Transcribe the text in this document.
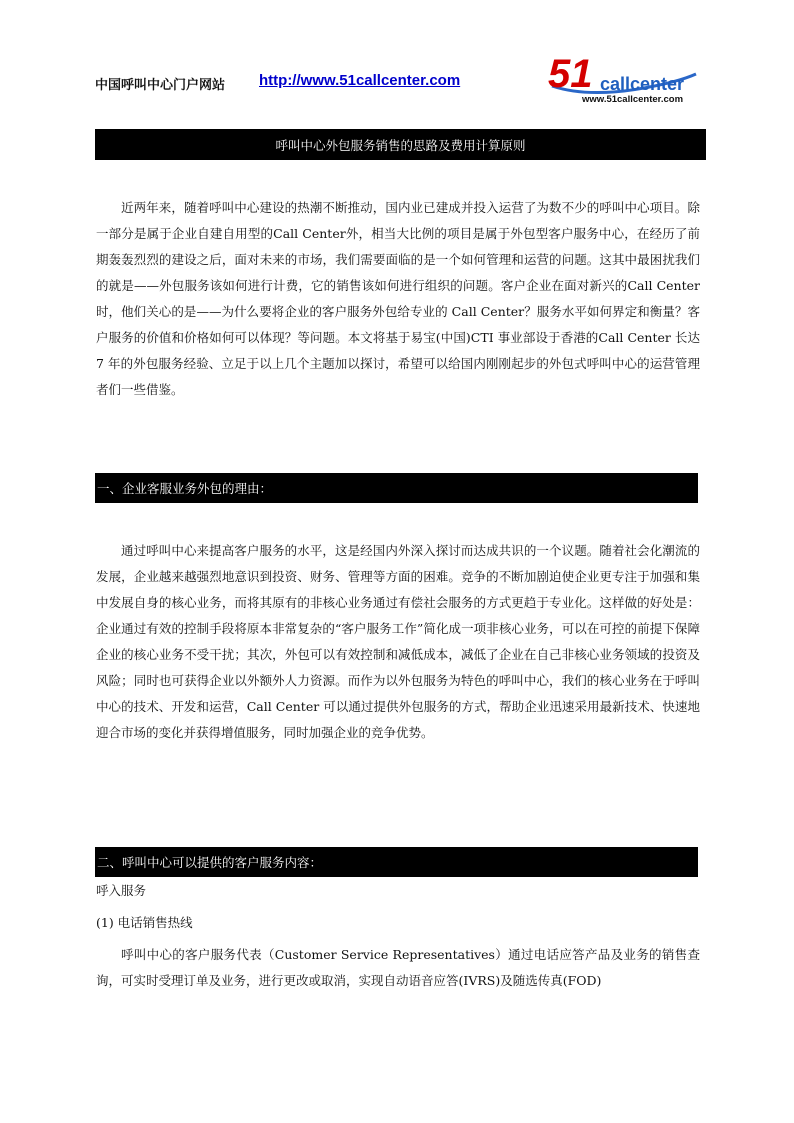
中国呼叫中心门户网站 http://www.51callcenter.com 51 callcenter
www.51callcenter.com
呼叫中心外包服务销售的思路及费用计算原则

近两年来，随着呼叫中心建设的热潮不断推动，国内业已建成并投入运营了为数不少的呼叫中心项目。除一部分是属于企业自建自用型的Call Center外，相当大比例的项目是属于外包型客户服务中心，在经历了前期轰轰烈烈的建设之后，面对未来的市场，我们需要面临的是一个如何管理和运营的问题。这其中最困扰我们的就是——外包服务该如何进行计费，它的销售该如何进行组织的问题。客户企业在面对新兴的Call Center时，他们关心的是——为什么要将企业的客户服务外包给专业的 Call Center？服务水平如何界定和衡量？客户服务的价值和价格如何可以体现？等问题。本文将基于易宝(中国)CTI 事业部设于香港的Call Center 长达 7 年的外包服务经验、立足于以上几个主题加以探讨，希望可以给国内刚刚起步的外包式呼叫中心的运营管理者们一些借鉴。

一、企业客服业务外包的理由：

通过呼叫中心来提高客户服务的水平，这是经国内外深入探讨而达成共识的一个议题。随着社会化潮流的发展，企业越来越强烈地意识到投资、财务、管理等方面的困难。竞争的不断加剧迫使企业更专注于加强和集中发展自身的核心业务，而将其原有的非核心业务通过有偿社会服务的方式更趋于专业化。这样做的好处是：企业通过有效的控制手段将原本非常复杂的“客户服务工作”简化成一项非核心业务，可以在可控的前提下保障企业的核心业务不受干扰；其次，外包可以有效控制和减低成本，减低了企业在自己非核心业务领域的投资及风险；同时也可获得企业以外额外人力资源。而作为以外包服务为特色的呼叫中心，我们的核心业务在于呼叫中心的技术、开发和运营，Call Center 可以通过提供外包服务的方式，帮助企业迅速采用最新技术、快速地迎合市场的变化并获得增值服务，同时加强企业的竞争优势。

二、呼叫中心可以提供的客户服务内容：
呼入服务
(1) 电话销售热线

呼叫中心的客户服务代表（Customer Service Representatives）通过电话应答产品及业务的销售查询，可实时受理订单及业务，进行更改或取消，实现自动语音应答(IVRS)及随选传真(FOD)
